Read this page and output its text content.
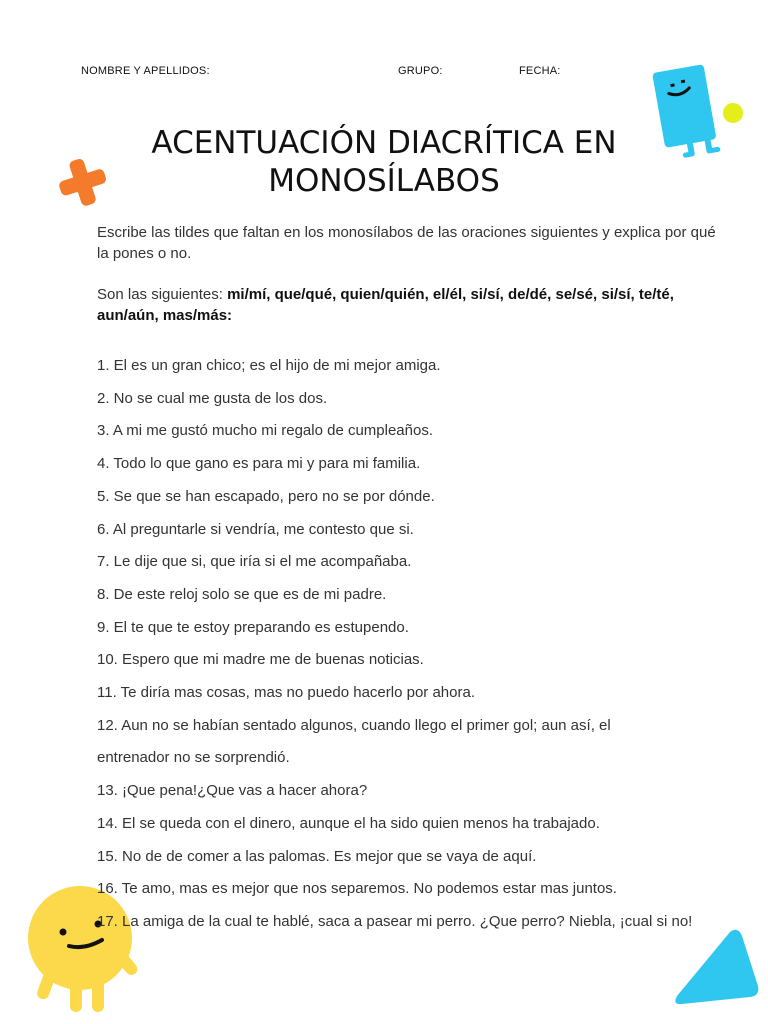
NOMBRE Y APELLIDOS:	GRUPO:	FECHA:
ACENTUACIÓN DIACRÍTICA EN
MONOSÍLABOS

Escribe las tildes que faltan en los monosílabos de las oraciones siguientes y explica por qué la pones o no.

Son las siguientes: mi/mí, que/qué, quien/quién, el/él, si/sí, de/dé, se/sé, si/sí, te/té, aun/aún, mas/más:

1. El es un gran chico; es el hijo de mi mejor amiga.
2. No se cual me gusta de los dos.
3. A mi me gustó mucho mi regalo de cumpleaños.
4. Todo lo que gano es para mi y para mi familia.
5. Se que se han escapado, pero no se por dónde.
6. Al preguntarle si vendría, me contesto que si.
7. Le dije que si, que iría si el me acompañaba.
8. De este reloj solo se que es de mi padre.
9. El te que te estoy preparando es estupendo.
10. Espero que mi madre me de buenas noticias.
11. Te diría mas cosas, mas no puedo hacerlo por ahora.
12. Aun no se habían sentado algunos, cuando llego el primer gol; aun así, el
entrenador no se sorprendió.
13. ¡Que pena!¿Que vas a hacer ahora?
14. El se queda con el dinero, aunque el ha sido quien menos ha trabajado.
15. No de de comer a las palomas. Es mejor que se vaya de aquí.
16. Te amo, mas es mejor que nos separemos. No podemos estar mas juntos.
17. La amiga de la cual te hablé, saca a pasear mi perro. ¿Que perro? Niebla, ¡cual si no!
